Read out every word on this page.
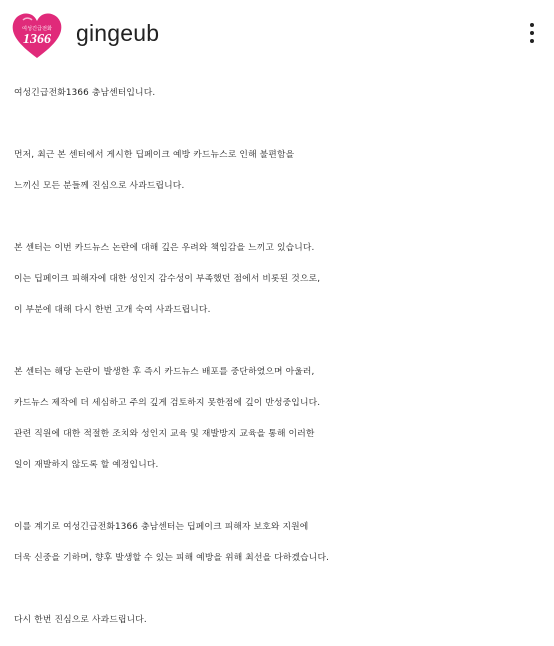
여성긴급전화
1366 gingeub
여성긴급전화1366 충남센터입니다.
먼저, 최근 본 센터에서 게시한 딥페이크 예방 카드뉴스로 인해 불편함을
느끼신 모든 분들께 진심으로 사과드립니다.
본 센터는 이번 카드뉴스 논란에 대해 깊은 우려와 책임감을 느끼고 있습니다.
이는 딥페이크 피해자에 대한 성인지 감수성이 부족했던 점에서 비롯된 것으로,
이 부분에 대해 다시 한번 고개 숙여 사과드립니다.
본 센터는 해당 논란이 발생한 후 즉시 카드뉴스 배포를 중단하였으며 아울러,
카드뉴스 제작에 더 세심하고 주의 깊게 검토하지 못한점에 깊이 반성중입니다.
관련 직원에 대한 적절한 조치와 성인지 교육 및 재발방지 교육을 통해 이러한
일이 재발하지 않도록 할 예정입니다.
이를 계기로 여성긴급전화1366 충남센터는 딥페이크 피해자 보호와 지원에
더욱 신중을 기하며, 향후 발생할 수 있는 피해 예방을 위해 최선을 다하겠습니다.
다시 한번 진심으로 사과드립니다.
